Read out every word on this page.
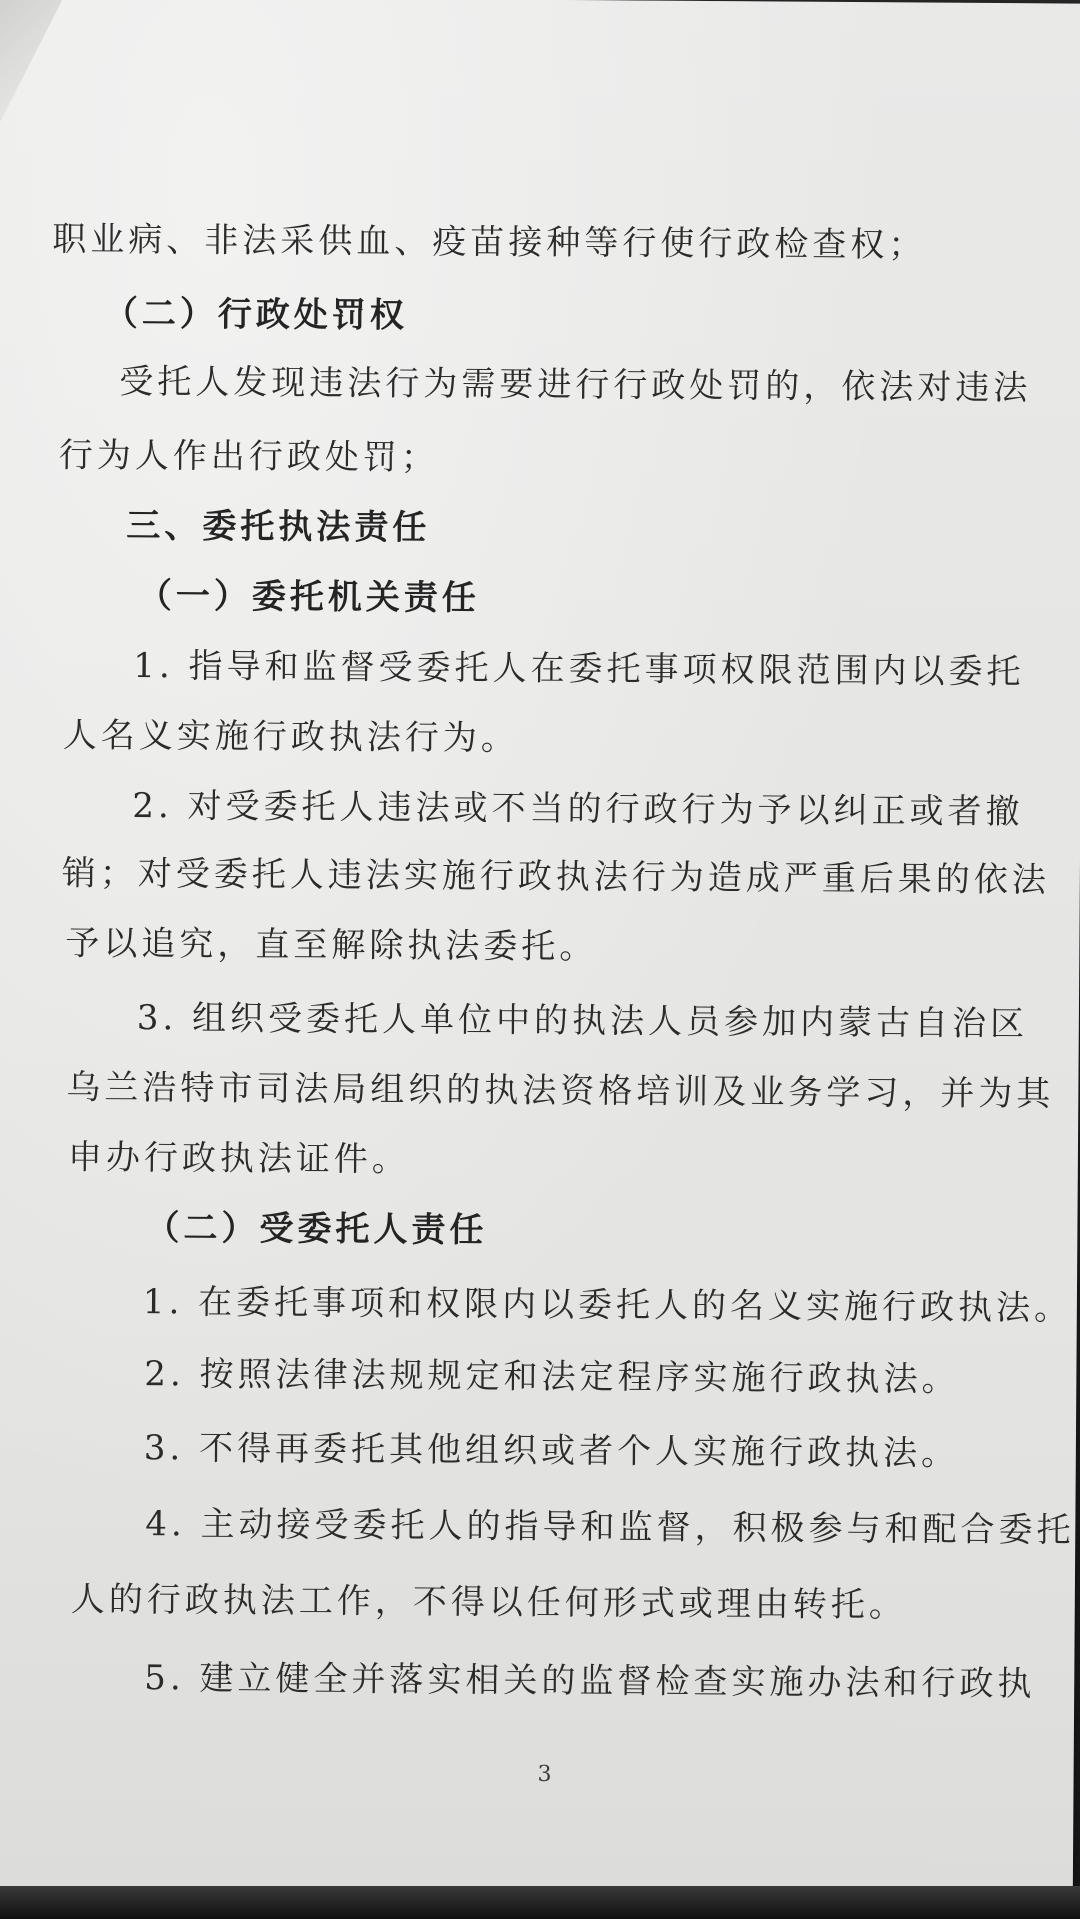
职业病、非法采供血、疫苗接种等行使行政检查权；
（二）行政处罚权
受托人发现违法行为需要进行行政处罚的，依法对违法
行为人作出行政处罚；
三、委托执法责任
（一）委托机关责任
1. 指导和监督受委托人在委托事项权限范围内以委托
人名义实施行政执法行为。
2. 对受委托人违法或不当的行政行为予以纠正或者撤
销；对受委托人违法实施行政执法行为造成严重后果的依法
予以追究，直至解除执法委托。
3. 组织受委托人单位中的执法人员参加内蒙古自治区
乌兰浩特市司法局组织的执法资格培训及业务学习，并为其
申办行政执法证件。
（二）受委托人责任
1. 在委托事项和权限内以委托人的名义实施行政执法。
2. 按照法律法规规定和法定程序实施行政执法。
3. 不得再委托其他组织或者个人实施行政执法。
4. 主动接受委托人的指导和监督，积极参与和配合委托
人的行政执法工作，不得以任何形式或理由转托。
5. 建立健全并落实相关的监督检查实施办法和行政执
3
